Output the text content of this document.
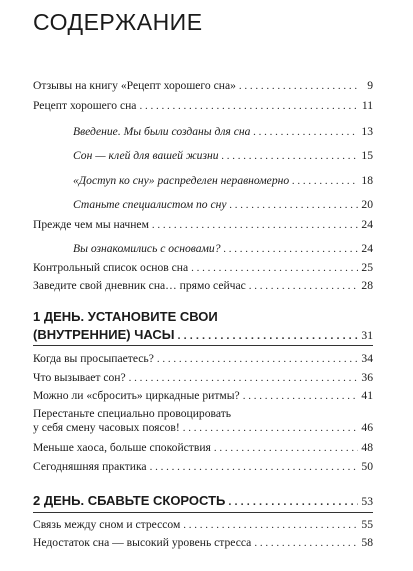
СОДЕРЖАНИЕ
Отзывы на книгу «Рецепт хорошего сна» . . .	9
Рецепт хорошего сна . . .	11
Введение. Мы были созданы для сна . . .	13
Сон — клей для вашей жизни . . .	15
«Доступ ко сну» распределен неравномерно . . .	18
Станьте специалистом по сну . . .	20
Прежде чем мы начнем . . .	24
Вы ознакомились с основами? . . .	24
Контрольный список основ сна . . .	25
Заведите свой дневник сна… прямо сейчас . . .	28
1 ДЕНЬ. УСТАНОВИТЕ СВОИ
(ВНУТРЕННИЕ) ЧАСЫ . . .	31
Когда вы просыпаетесь? . . .	34
Что вызывает сон? . . .	36
Можно ли «сбросить» циркадные ритмы? . . .	41
Перестаньте специально провоцировать
у себя смену часовых поясов! . . .	46
Меньше хаоса, больше спокойствия . . .	48
Сегодняшняя практика . . .	50
2 ДЕНЬ. СБАВЬТЕ СКОРОСТЬ . . .	53
Связь между сном и стрессом . . .	55
Недостаток сна — высокий уровень стресса . . .	58
